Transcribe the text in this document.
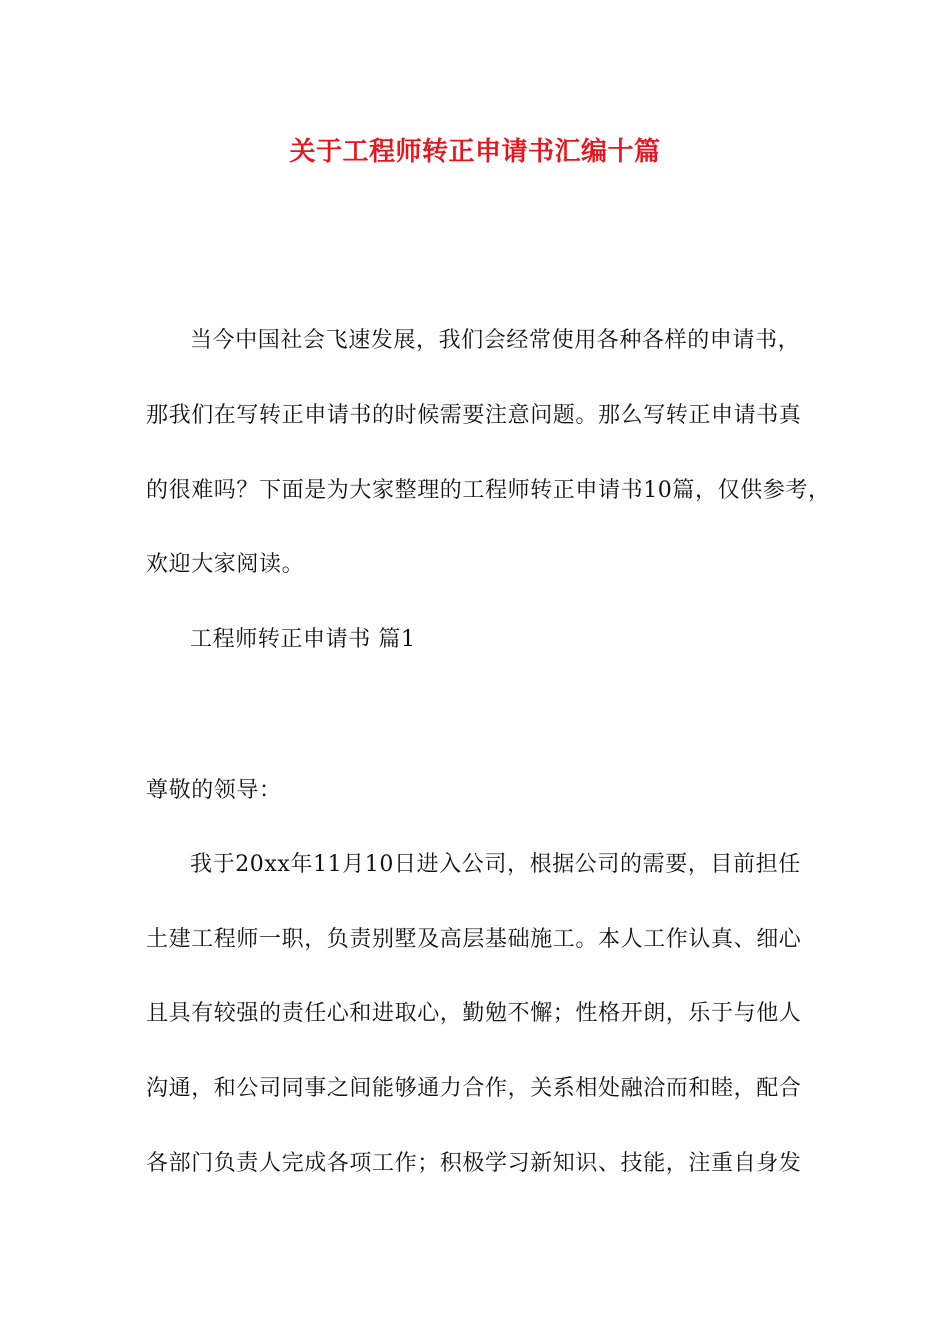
关于工程师转正申请书汇编十篇
当今中国社会飞速发展，我们会经常使用各种各样的申请书，
那我们在写转正申请书的时候需要注意问题。那么写转正申请书真
的很难吗？下面是为大家整理的工程师转正申请书10篇，仅供参考，
欢迎大家阅读。
工程师转正申请书 篇1
尊敬的领导：
我于20xx年11月10日进入公司，根据公司的需要，目前担任
土建工程师一职，负责别墅及高层基础施工。本人工作认真、细心
且具有较强的责任心和进取心，勤勉不懈；性格开朗，乐于与他人
沟通，和公司同事之间能够通力合作，关系相处融洽而和睦，配合
各部门负责人完成各项工作；积极学习新知识、技能，注重自身发
